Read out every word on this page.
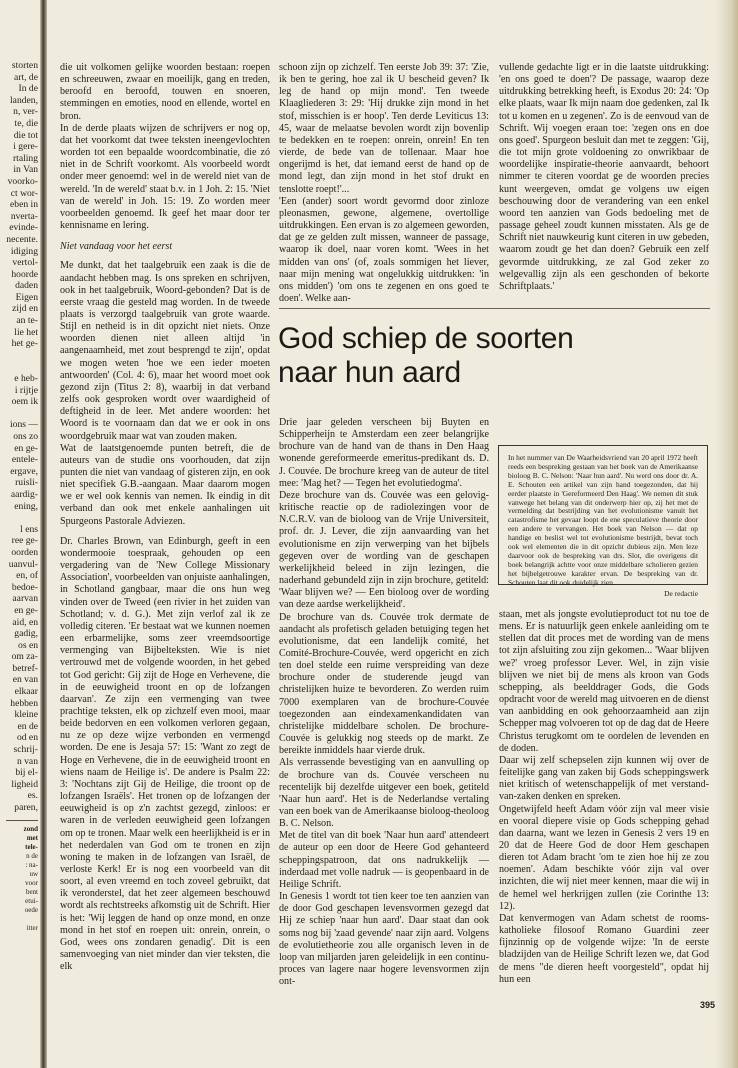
storten
art, de
In de
landen,
n, ver-
te, die
die tot
i gere-
rtaling
in Van
voorko-
ct wor-
eben in
nverta-
evinde-
necente.
idiging
vertol-
hoorde
daden
Eigen
zijd en
an te-
lie het
het ge-

e heb-
i rijtje
oem ik

ions —
ons zo
en ge-
entele-
ergave,
ruisli-
aardig-
ening,

l ens
ree ge-
oorden
uanvul-
en, of
bedoe-
aarvan
en ge-
aid, en
gadig,
os en
om za-
betref-
en van
elkaar
hebben
kleine
en de
od en
schrij-
n van
bij el-
ligheid
es.
paren,
zond
met
tele-
n de
: na-
uw
voor
bent
etui-
oede

itter

die uit volkomen gelijke woorden bestaan: roepen en schreeuwen, zwaar en moeilijk, gang en treden, beroofd en beroofd, touwen en snoeren, stemmingen en emoties, nood en ellende, wortel en bron.

In de derde plaats wijzen de schrijvers er nog op, dat het voorkomt dat twee teksten ineengevlochten worden tot een bepaalde woordcombinatie, die zó niet in de Schrift voorkomt. Als voorbeeld wordt onder meer genoemd: wel in de wereld niet van de wereld. 'In de wereld' staat b.v. in 1 Joh. 2: 15. 'Niet van de wereld' in Joh. 15: 19. Zo worden meer voorbeelden genoemd. Ik geef het maar door ter kennisname en lering.

Niet vandaag voor het eerst

Me dunkt, dat het taalgebruik een zaak is die de aandacht hebben mag. Is ons spreken en schrijven, ook in het taalgebruik, Woord-gebonden? Dat is de eerste vraag die gesteld mag worden. In de tweede plaats is verzorgd taalgebruik van grote waarde. Stijl en netheid is in dit opzicht niet niets. Onze woorden dienen niet alleen altijd 'in aangenaamheid, met zout besprengd te zijn', opdat we mogen weten 'hoe we een ieder moeten antwoorden' (Col. 4: 6), maar het woord moet ook gezond zijn (Titus 2: 8), waarbij in dat verband zelfs ook gesproken wordt over waardigheid of deftigheid in de leer. Met andere woorden: het Woord is te voornaam dan dat we er ook in ons woordgebruik maar wat van zouden maken.

Wat de laatstgenoemde punten betreft, die de auteurs van de studie ons voorhouden, dat zijn punten die niet van vandaag of gisteren zijn, en ook niet specifiek G.B.-aangaan. Maar daarom mogen we er wel ook kennis van nemen. Ik eindig in dit verband dan ook met enkele aanhalingen uit Spurgeons Pastorale Adviezen.

Dr. Charles Brown, van Edinburgh, geeft in een wondermooie toespraak, gehouden op een vergadering van de 'New College Missionary Association', voorbeelden van onjuiste aanhalingen, in Schotland gangbaar, maar die ons hun weg vinden over de Tweed (een rivier in het zuiden van Schotland; v. d. G.). Met zijn verlof zal ik ze volledig citeren. 'Er bestaat wat we kunnen noemen een erbarmelijke, soms zeer vreemdsoortige vermenging van Bijbelteksten. Wie is niet vertrouwd met de volgende woorden, in het gebed tot God gericht: Gij zijt de Hoge en Verhevene, die in de eeuwigheid troont en op de lofzangen daarvan'. Ze zijn een vermenging van twee prachtige teksten, elk op zichzelf even mooi, maar beide bedorven en een volkomen verloren gegaan, nu ze op deze wijze verbonden en vermengd worden. De ene is Jesaja 57: 15: 'Want zo zegt de Hoge en Verhevene, die in de eeuwigheid troont en wiens naam de Heilige is'. De andere is Psalm 22: 3: 'Nochtans zijt Gij de Heilige, die troont op de lofzangen Israëls'. Het tronen op de lofzangen der eeuwigheid is op z'n zachtst gezegd, zinloos: er waren in de verleden eeuwigheid geen lofzangen om op te tronen. Maar welk een heerlijkheid is er in het nederdalen van God om te tronen en zijn woning te maken in de lofzangen van Israël, de verloste Kerk! Er is nog een voorbeeld van dit soort, al even vreemd en toch zoveel gebruikt, dat ik veronderstel, dat het zeer algemeen beschouwd wordt als rechtstreeks afkomstig uit de Schrift. Hier is het: 'Wij leggen de hand op onze mond, en onze mond in het stof en roepen uit: onrein, onrein, o God, wees ons zondaren genadig'. Dit is een samenvoeging van niet minder dan vier teksten, die elk

schoon zijn op zichzelf. Ten eerste Job 39: 37: 'Zie, ik ben te gering, hoe zal ik U bescheid geven? Ik leg de hand op mijn mond'. Ten tweede Klaagliederen 3: 29: 'Hij drukke zijn mond in het stof, misschien is er hoop'. Ten derde Leviticus 13: 45, waar de melaatse bevolen wordt zijn bovenlip te bedekken en te roepen: onrein, onrein! En ten vierde, de bede van de tollenaar. Maar hoe ongerijmd is het, dat iemand eerst de hand op de mond legt, dan zijn mond in het stof drukt en tenslotte roept!'...

'Een (ander) soort wordt gevormd door zinloze pleonasmen, gewone, algemene, overtollige uitdrukkingen. Een ervan is zo algemeen geworden, dat ge ze gelden zult missen, wanneer de passage, waarop ik doel, naar voren komt. 'Wees in het midden van ons' (of, zoals sommigen het liever, naar mijn mening wat ongelukkig uitdrukken: 'in ons midden') 'om ons te zegenen en ons goed te doen'. Welke aan-

vullende gedachte ligt er in die laatste uitdrukking: 'en ons goed te doen'? De passage, waarop deze uitdrukking betrekking heeft, is Exodus 20: 24: 'Op elke plaats, waar Ik mijn naam doe gedenken, zal Ik tot u komen en u zegenen'. Zo is de eenvoud van de Schrift. Wij voegen eraan toe: 'zegen ons en doe ons goed'. Spurgeon besluit dan met te zeggen: 'Gij, die tot mijn grote voldoening zo onwrikbaar de woordelijke inspiratie-theorie aanvaardt, behoort nimmer te citeren voordat ge de woorden precies kunt weergeven, omdat ge volgens uw eigen beschouwing door de verandering van een enkel woord ten aanzien van Gods bedoeling met de passage geheel zoudt kunnen misstaten. Als ge de Schrift niet nauwkeurig kunt citeren in uw gebeden, waarom zoudt ge het dan doen? Gebruik een zelf gevormde uitdrukking, ze zal God zeker zo welgevallig zijn als een geschonden of bekorte Schriftplaats.'

God schiep de soorten
naar hun aard

Drie jaar geleden verscheen bij Buyten en Schipperheijn te Amsterdam een zeer belangrijke brochure van de hand van de thans in Den Haag wonende gereformeerde emeritus-predikant ds. D. J. Couvée. De brochure kreeg van de auteur de titel mee: 'Mag het? — Tegen het evolutiedogma'.

Deze brochure van ds. Couvée was een gelovig-kritische reactie op de radiolezingen voor de N.C.R.V. van de bioloog van de Vrije Universiteit, prof. dr. J. Lever, die zijn aanvaarding van het evolutionisme en zijn verwerping van het bijbels gegeven over de wording van de geschapen werkelijkheid beleed in zijn lezingen, die naderhand gebundeld zijn in zijn brochure, getiteld: 'Waar blijven we? — Een bioloog over de wording van deze aardse werkelijkheid'.

De brochure van ds. Couvée trok dermate de aandacht als profetisch geladen betuiging tegen het evolutionisme, dat een landelijk comité, het Comité-Brochure-Couvée, werd opgericht en zich ten doel stelde een ruime verspreiding van deze brochure onder de studerende jeugd van christelijken huize te bevorderen. Zo werden ruim 7000 exemplaren van de brochure-Couvée toegezonden aan eindexamenkandidaten van christelijke middelbare scholen. De brochure-Couvée is gelukkig nog steeds op de markt. Ze bereikte inmiddels haar vierde druk.

Als verrassende bevestiging van en aanvulling op de brochure van ds. Couvée verscheen nu recentelijk bij dezelfde uitgever een boek, getiteld 'Naar hun aard'. Het is de Nederlandse vertaling van een boek van de Amerikaanse bioloog-theoloog B. C. Nelson.

Met de titel van dit boek 'Naar hun aard' attendeert de auteur op een door de Heere God gehanteerd scheppingspatroon, dat ons nadrukkelijk — inderdaad met volle nadruk — is geopenbaard in de Heilige Schrift.

In Genesis 1 wordt tot tien keer toe ten aanzien van de door God geschapen levensvormen gezegd dat Hij ze schiep 'naar hun aard'. Daar staat dan ook soms nog bij 'zaad gevende' naar zijn aard. Volgens de evolutietheorie zou alle organisch leven in de loop van miljarden jaren geleidelijk in een continu-proces van lagere naar hogere levensvormen zijn ont-

In het nummer van De Waarheidsvriend van 20 april 1972 heeft reeds een bespreking gestaan van het boek van de Amerikaanse bioloog B. C. Nelson: 'Naar hun aard'. Nu werd ons door dr. A. E. Schouten een artikel van zijn hand toegezonden, dat hij eerder plaatste in 'Gereformeerd Den Haag'. We nemen dit stuk vanwege het belang van dit onderwerp hier op, zij het met de vermelding dat bestrijding van het evolutionisme vanuit het catastrofisme het gevaar loopt de ene speculatieve theorie door een andere te vervangen. Het boek van Nelson — dat op handige en beslist wel tot evolutionisme bestrijdt, bevat toch ook wel elementen die in dit opzicht dubieus zijn. Men leze daarvoor ook de bespreking van drs. Slot, die overigens dit boek belangrijk achtte voor onze middelbare scholieren gezien het bijbelgetrouwe karakter ervan. De bespreking van dr. Schouten laat dit ook duidelijk zien.
De redactie

staan, met als jongste evolutieproduct tot nu toe de mens. Er is natuurlijk geen enkele aanleiding om te stellen dat dit proces met de wording van de mens tot zijn afsluiting zou zijn gekomen... 'Waar blijven we?' vroeg professor Lever. Wel, in zijn visie blijven we niet bij de mens als kroon van Gods schepping, als beelddrager Gods, die Gods opdracht voor de wereld mag uitvoeren en de dienst van aanbidding en ook gehoorzaamheid aan zijn Schepper mag volvoeren tot op de dag dat de Heere Christus terugkomt om te oordelen de levenden en de doden.

Daar wij zelf schepselen zijn kunnen wij over de feitelijke gang van zaken bij Gods scheppingswerk niet kritisch of wetenschappelijk of met verstand-van-zaken denken en spreken.

Ongetwijfeld heeft Adam vóór zijn val meer visie en vooral diepere visie op Gods schepping gehad dan daarna, want we lezen in Genesis 2 vers 19 en 20 dat de Heere God de door Hem geschapen dieren tot Adam bracht 'om te zien hoe hij ze zou noemen'. Adam beschikte vóór zijn val over inzichten, die wij niet meer kennen, maar die wij in de hemel wel herkrijgen zullen (zie Corinthe 13: 12).

Dat kenvermogen van Adam schetst de rooms-katholieke filosoof Romano Guardini zeer fijnzinnig op de volgende wijze: 'In de eerste bladzijden van de Heilige Schrift lezen we, dat God de mens "de dieren heeft voorgesteld", opdat hij hun een

395
